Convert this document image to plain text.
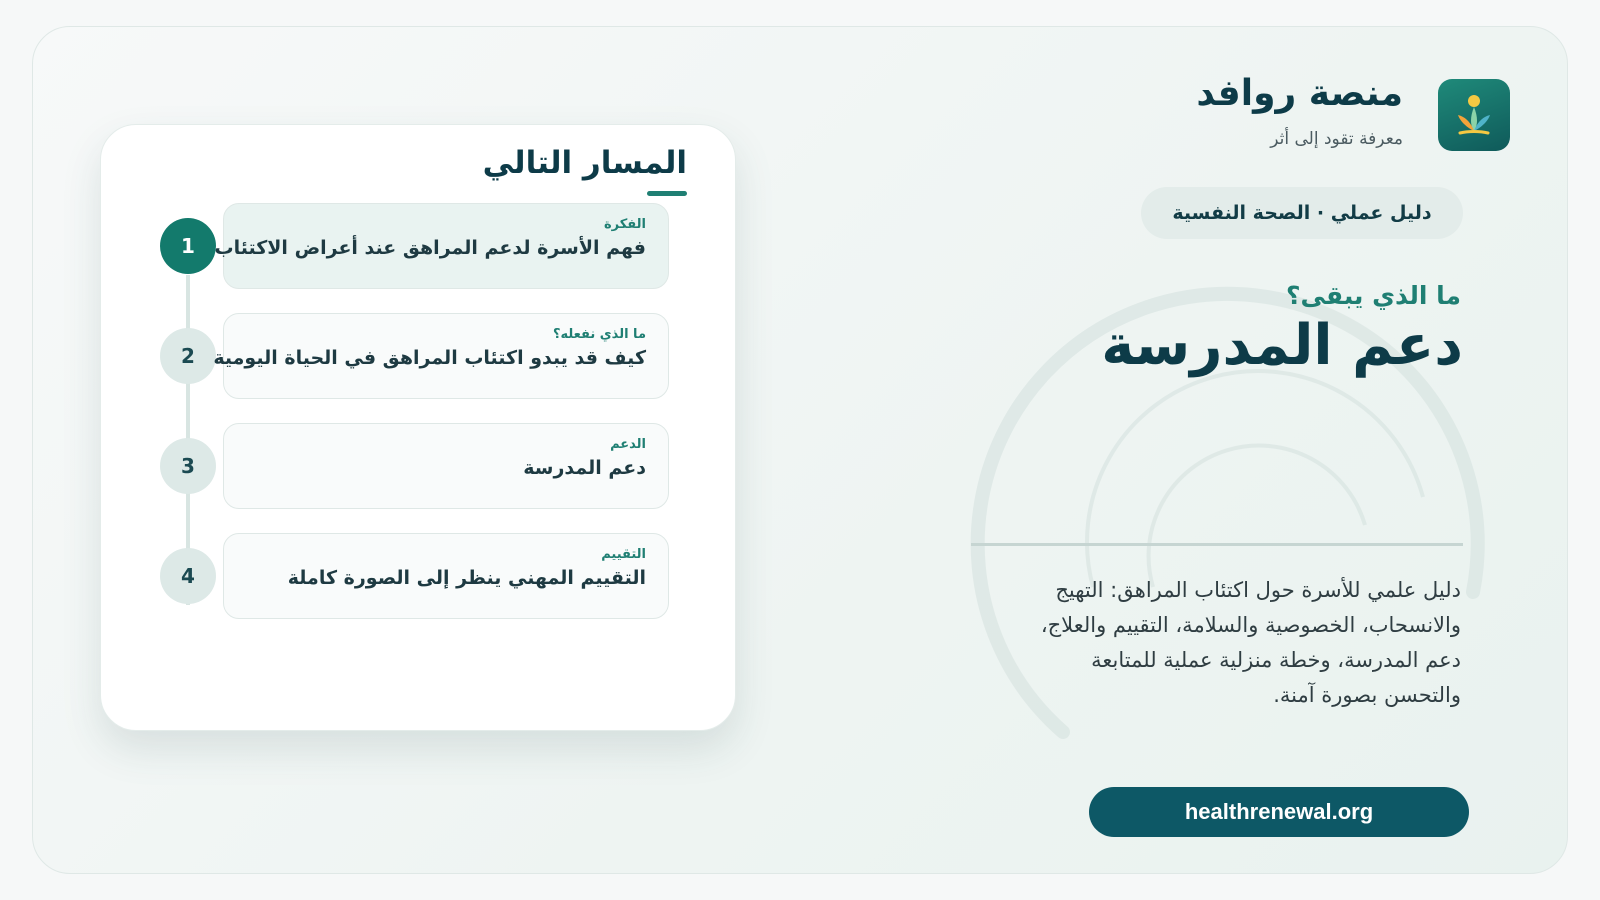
منصة روافد
معرفة تقود إلى أثر
دليل عملي · الصحة النفسية
ما الذي يبقى؟
دعم المدرسة
دليل علمي للأسرة حول اكتئاب المراهق: التهيج والانسحاب، الخصوصية والسلامة، التقييم والعلاج، دعم المدرسة، وخطة منزلية عملية للمتابعة والتحسن بصورة آمنة.
healthrenewal.org
المسار التالي
1
الفكرة
فهم الأسرة لدعم المراهق عند أعراض الاكتئاب
2
ما الذي نفعله؟
كيف قد يبدو اكتئاب المراهق في الحياة اليومية
3
الدعم
دعم المدرسة
4
التقييم
التقييم المهني ينظر إلى الصورة كاملة
